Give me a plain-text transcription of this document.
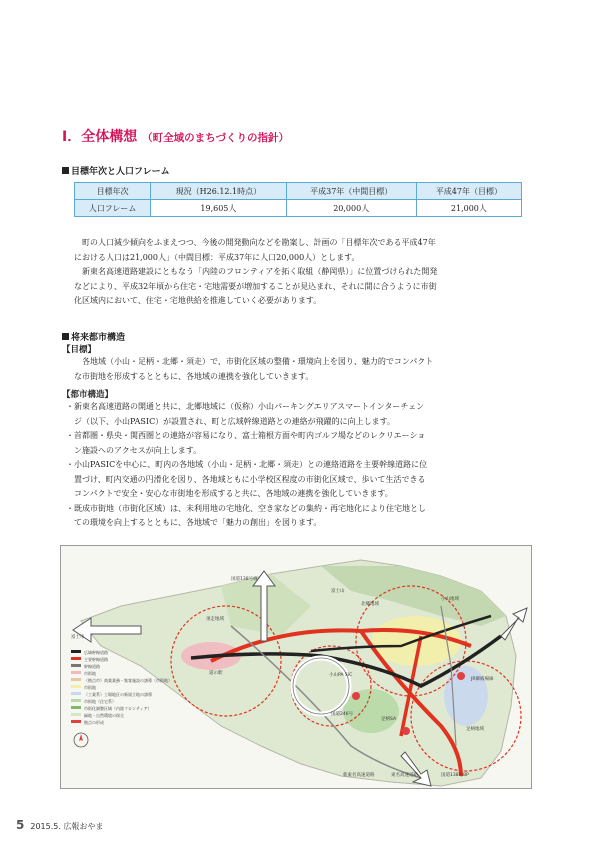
Ⅰ．全体構想 （町全域のまちづくりの指針）
目標年次と人口フレーム
目標年次	現況（H26.12.1時点）	平成37年（中間目標）	平成47年（目標）
人口フレーム	19,605人	20,000人	21,000人
　町の人口減少傾向をふまえつつ、今後の開発動向などを勘案し、計画の「目標年次である平成47年
における人口は21,000人」（中間目標：平成37年に人口20,000人）とします。
　新東名高速道路建設にともなう「内陸のフロンティアを拓く取組（静岡県）」に位置づけられた開発
などにより、平成32年頃から住宅・宅地需要が増加することが見込まれ、それに間に合うように市街
化区域内において、住宅・宅地供給を推進していく必要があります。
将来都市構造
【目標】
　各地域（小山・足柄・北郷・須走）で、市街化区域の整備・環境向上を図り、魅力的でコンパクト
な市街地を形成するとともに、各地域の連携を強化していきます。
【都市構造】
・新東名高速道路の開通と共に、北郷地域に（仮称）小山パーキングエリアスマートインターチェン
　ジ（以下、小山PASIC）が設置され、町と広域幹線道路との連絡が飛躍的に向上します。
・首都圏・県央・関西圏との連絡が容易になり、富士箱根方面や町内ゴルフ場などのレクリエーショ
　ン施設へのアクセスが向上します。
・小山PASICを中心に、町内の各地域（小山・足柄・北郷・須走）との連絡道路を主要幹線道路に位
　置づけ、町内交通の円滑化を図り、各地域ともに小学校区程度の市街化区域で、歩いて生活できる
　コンパクトで安全・安心な市街地を形成すると共に、各地域の連携を強化していきます。
・既成市街地（市街化区域）は、未利用地の宅地化、空き家などの集約・再宅地化により住宅地とし
　ての環境を向上するとともに、各地域で「魅力の創出」を図ります。
国道138号線
富士市
須走地域
富士山
北郷地域
小山地域
道の駅	小山PA SIC
足柄SA
国道246号
JR御殿場線
足柄地域
新東名高速道路	東名高速道路	国道138号BP
広域幹線道路
主要幹線道路
幹線道路
市街地
（拠点市）商業業務・集客施設の誘導（市街地）
市街地
（工業系）工場地区の新規立地の誘導
市街地（住宅系）
市街化調整区域（内陸フロンティア）
緑地・自然環境の保全
拠点の形成
5 2015.5. 広報おやま
